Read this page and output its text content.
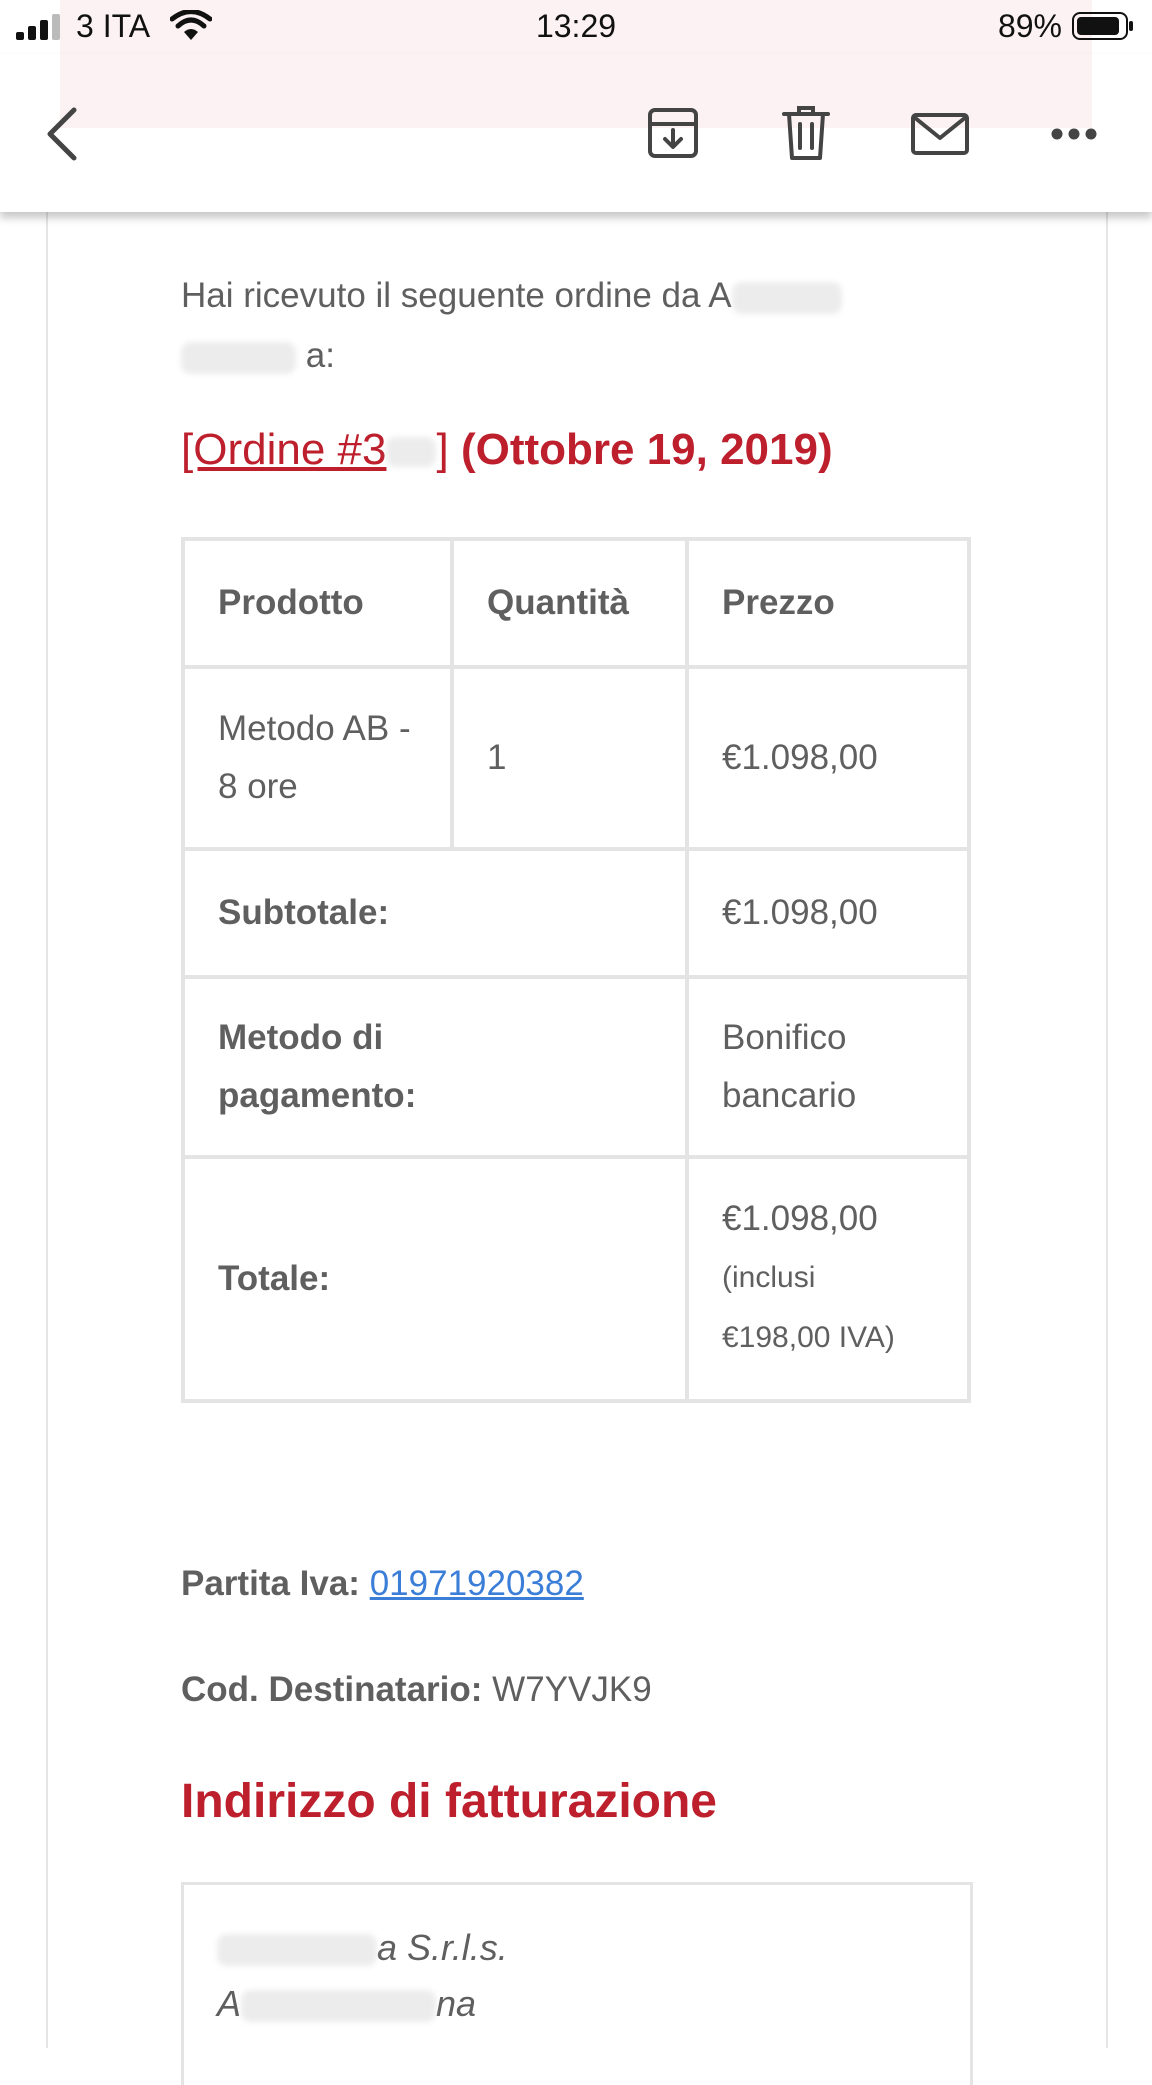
3 ITA	13:29	89%
Hai ricevuto il seguente ordine da A
a:
[Ordine #3 ] (Ottobre 19, 2019)
Prodotto	Quantità	Prezzo

Metodo AB - 8 ore	1	€1.098,00
Subtotale:		€1.098,00

Metodo di pagamento:		Bonifico bancario

Totale:		€1.098,00
(inclusi €198,00 IVA)
Partita Iva: 01971920382
Cod. Destinatario: W7YVJK9
Indirizzo di fatturazione
a S.r.l.s.
A	na
